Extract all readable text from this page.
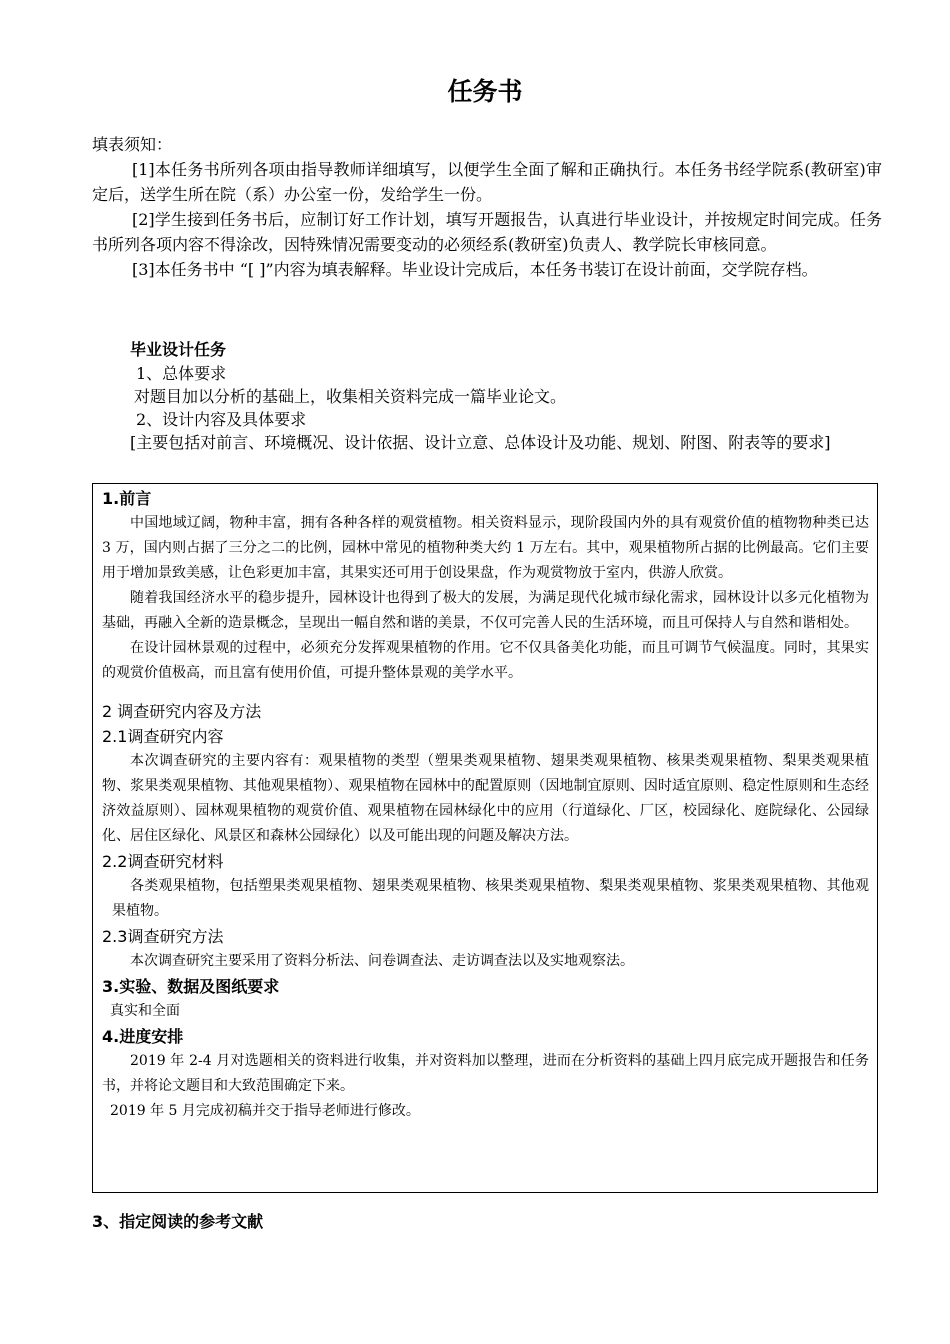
任务书

填表须知：

[1]本任务书所列各项由指导教师详细填写，以便学生全面了解和正确执行。本任务书经学院系(教研室)审定后，送学生所在院（系）办公室一份，发给学生一份。

[2]学生接到任务书后，应制订好工作计划，填写开题报告，认真进行毕业设计，并按规定时间完成。任务书所列各项内容不得涂改，因特殊情况需要变动的必须经系(教研室)负责人、教学院长审核同意。

[3]本任务书中 “[ ]”内容为填表解释。毕业设计完成后，本任务书装订在设计前面，交学院存档。

毕业设计任务

1、总体要求

对题目加以分析的基础上，收集相关资料完成一篇毕业论文。

2、设计内容及具体要求

[主要包括对前言、环境概况、设计依据、设计立意、总体设计及功能、规划、附图、附表等的要求]

1.前言

中国地域辽阔，物种丰富，拥有各种各样的观赏植物。相关资料显示，现阶段国内外的具有观赏价值的植物物种类已达 3 万，国内则占据了三分之二的比例，园林中常见的植物种类大约 1 万左右。其中，观果植物所占据的比例最高。它们主要用于增加景致美感，让色彩更加丰富，其果实还可用于创设果盘，作为观赏物放于室内，供游人欣赏。

随着我国经济水平的稳步提升，园林设计也得到了极大的发展，为满足现代化城市绿化需求，园林设计以多元化植物为基础，再融入全新的造景概念，呈现出一幅自然和谐的美景，不仅可完善人民的生活环境，而且可保持人与自然和谐相处。

在设计园林景观的过程中，必须充分发挥观果植物的作用。它不仅具备美化功能，而且可调节气候温度。同时，其果实的观赏价值极高，而且富有使用价值，可提升整体景观的美学水平。

2 调查研究内容及方法

2.1调查研究内容

本次调查研究的主要内容有：观果植物的类型（塑果类观果植物、翅果类观果植物、核果类观果植物、梨果类观果植物、浆果类观果植物、其他观果植物）、观果植物在园林中的配置原则（因地制宜原则、因时适宜原则、稳定性原则和生态经济效益原则）、园林观果植物的观赏价值、观果植物在园林绿化中的应用（行道绿化、厂区，校园绿化、庭院绿化、公园绿化、居住区绿化、风景区和森林公园绿化）以及可能出现的问题及解决方法。

2.2调查研究材料

各类观果植物，包括塑果类观果植物、翅果类观果植物、核果类观果植物、梨果类观果植物、浆果类观果植物、其他观果植物。

2.3调查研究方法

本次调查研究主要采用了资料分析法、问卷调查法、走访调查法以及实地观察法。

3.实验、数据及图纸要求

真实和全面

4.进度安排

2019 年 2-4 月对选题相关的资料进行收集，并对资料加以整理，进而在分析资料的基础上四月底完成开题报告和任务书，并将论文题目和大致范围确定下来。

2019 年 5 月完成初稿并交于指导老师进行修改。

3、指定阅读的参考文献
